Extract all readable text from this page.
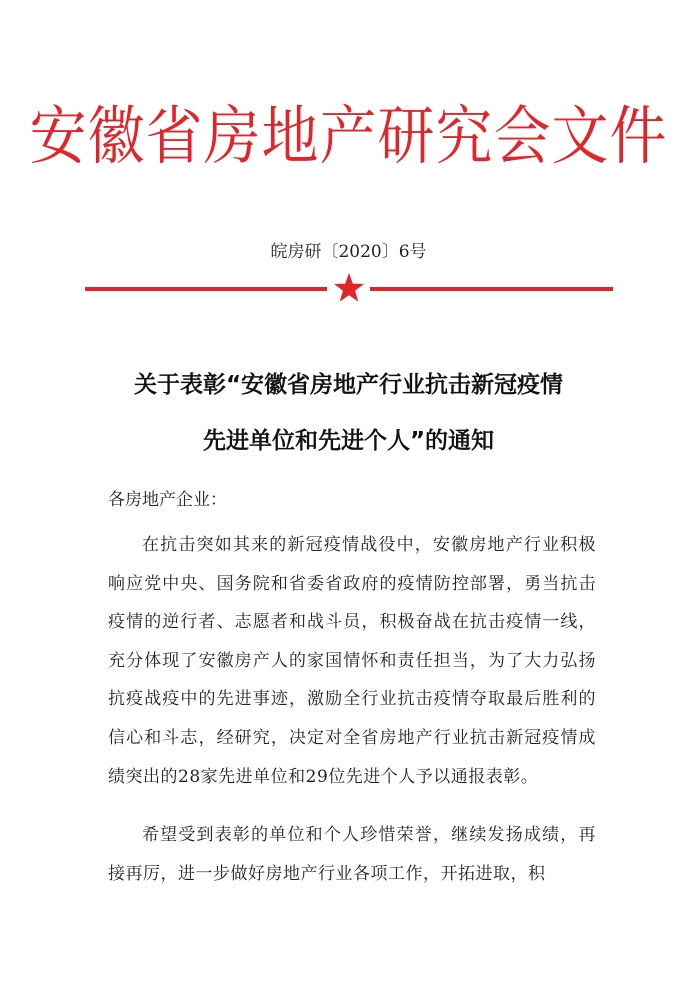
安徽省房地产研究会文件
皖房研〔2020〕6号
关于表彰“安徽省房地产行业抗击新冠疫情
先进单位和先进个人”的通知
各房地产企业：

在抗击突如其来的新冠疫情战役中，安徽房地产行业积极响应党中央、国务院和省委省政府的疫情防控部署，勇当抗击疫情的逆行者、志愿者和战斗员，积极奋战在抗击疫情一线，充分体现了安徽房产人的家国情怀和责任担当，为了大力弘扬抗疫战疫中的先进事迹，激励全行业抗击疫情夺取最后胜利的信心和斗志，经研究，决定对全省房地产行业抗击新冠疫情成绩突出的28家先进单位和29位先进个人予以通报表彰。

希望受到表彰的单位和个人珍惜荣誉，继续发扬成绩，再接再厉，进一步做好房地产行业各项工作，开拓进取，积
